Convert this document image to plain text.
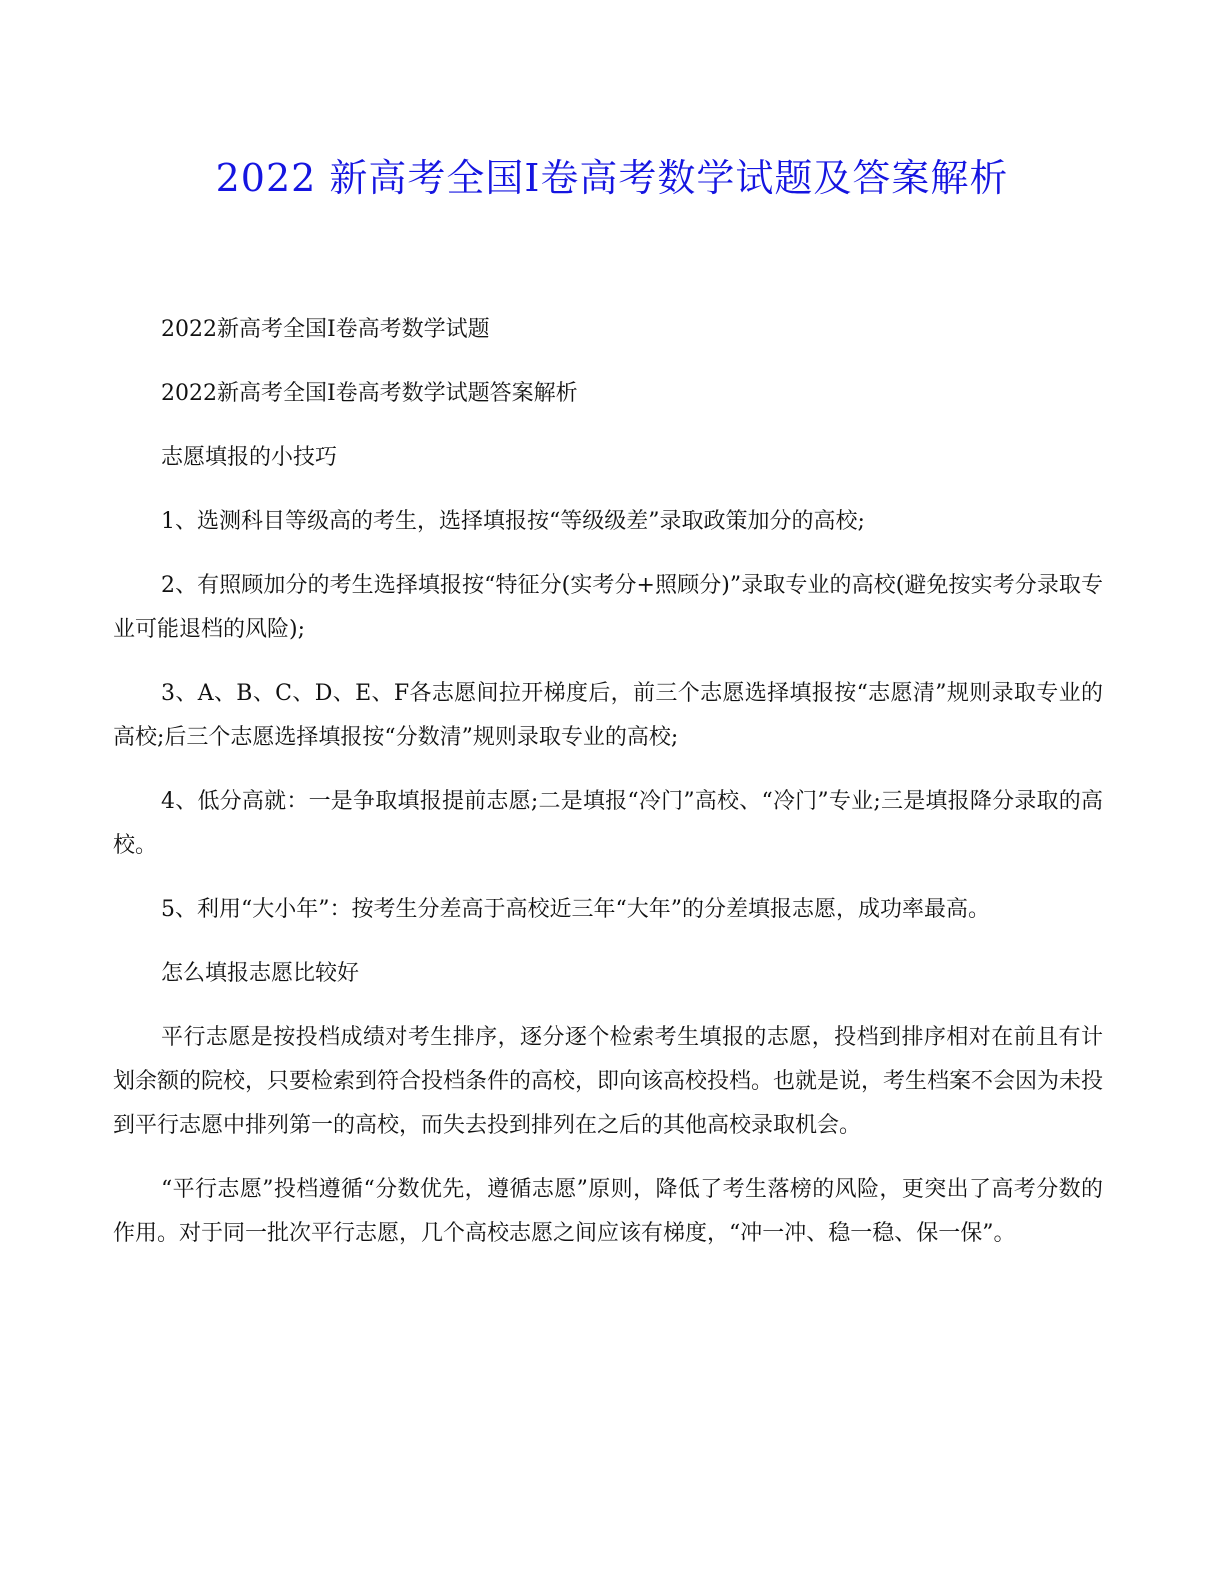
2022 新高考全国Ⅰ卷高考数学试题及答案解析

2022新高考全国Ⅰ卷高考数学试题

2022新高考全国Ⅰ卷高考数学试题答案解析

志愿填报的小技巧

1、选测科目等级高的考生，选择填报按“等级级差”录取政策加分的高校;

2、有照顾加分的考生选择填报按“特征分(实考分+照顾分)”录取专业的高校(避免按实考分录取专业可能退档的风险);

3、A、B、C、D、E、F各志愿间拉开梯度后，前三个志愿选择填报按“志愿清”规则录取专业的高校;后三个志愿选择填报按“分数清”规则录取专业的高校;

4、低分高就：一是争取填报提前志愿;二是填报“冷门”高校、“冷门”专业;三是填报降分录取的高校。

5、利用“大小年”：按考生分差高于高校近三年“大年”的分差填报志愿，成功率最高。

怎么填报志愿比较好

平行志愿是按投档成绩对考生排序，逐分逐个检索考生填报的志愿，投档到排序相对在前且有计划余额的院校，只要检索到符合投档条件的高校，即向该高校投档。也就是说，考生档案不会因为未投到平行志愿中排列第一的高校，而失去投到排列在之后的其他高校录取机会。

“平行志愿”投档遵循“分数优先，遵循志愿”原则，降低了考生落榜的风险，更突出了高考分数的作用。对于同一批次平行志愿，几个高校志愿之间应该有梯度，“冲一冲、稳一稳、保一保”。
